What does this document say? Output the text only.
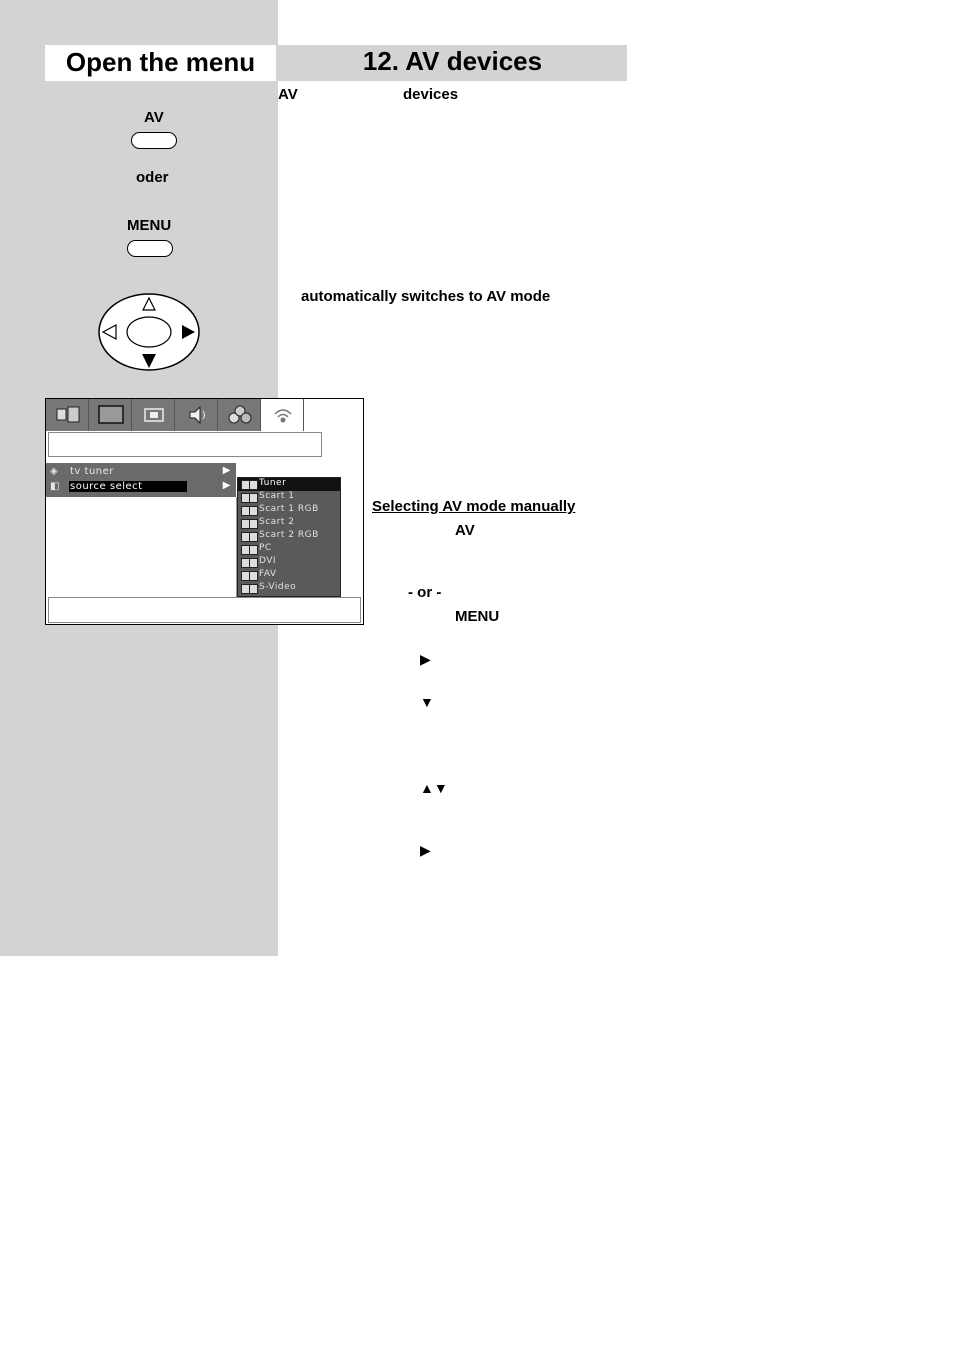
Open the menu	12. AV devices
AV
oder
MENU
AV	devices
automatically switches to AV mode
◈ tv tuner	▶
◧ source select	▶	Tuner
Scart 1
Scart 1 RGB
Scart 2
Scart 2 RGB
PC
DVI
FAV
S-Video
Selecting AV mode manually
AV
- or -
MENU
▶
▼
▲▼
▶
